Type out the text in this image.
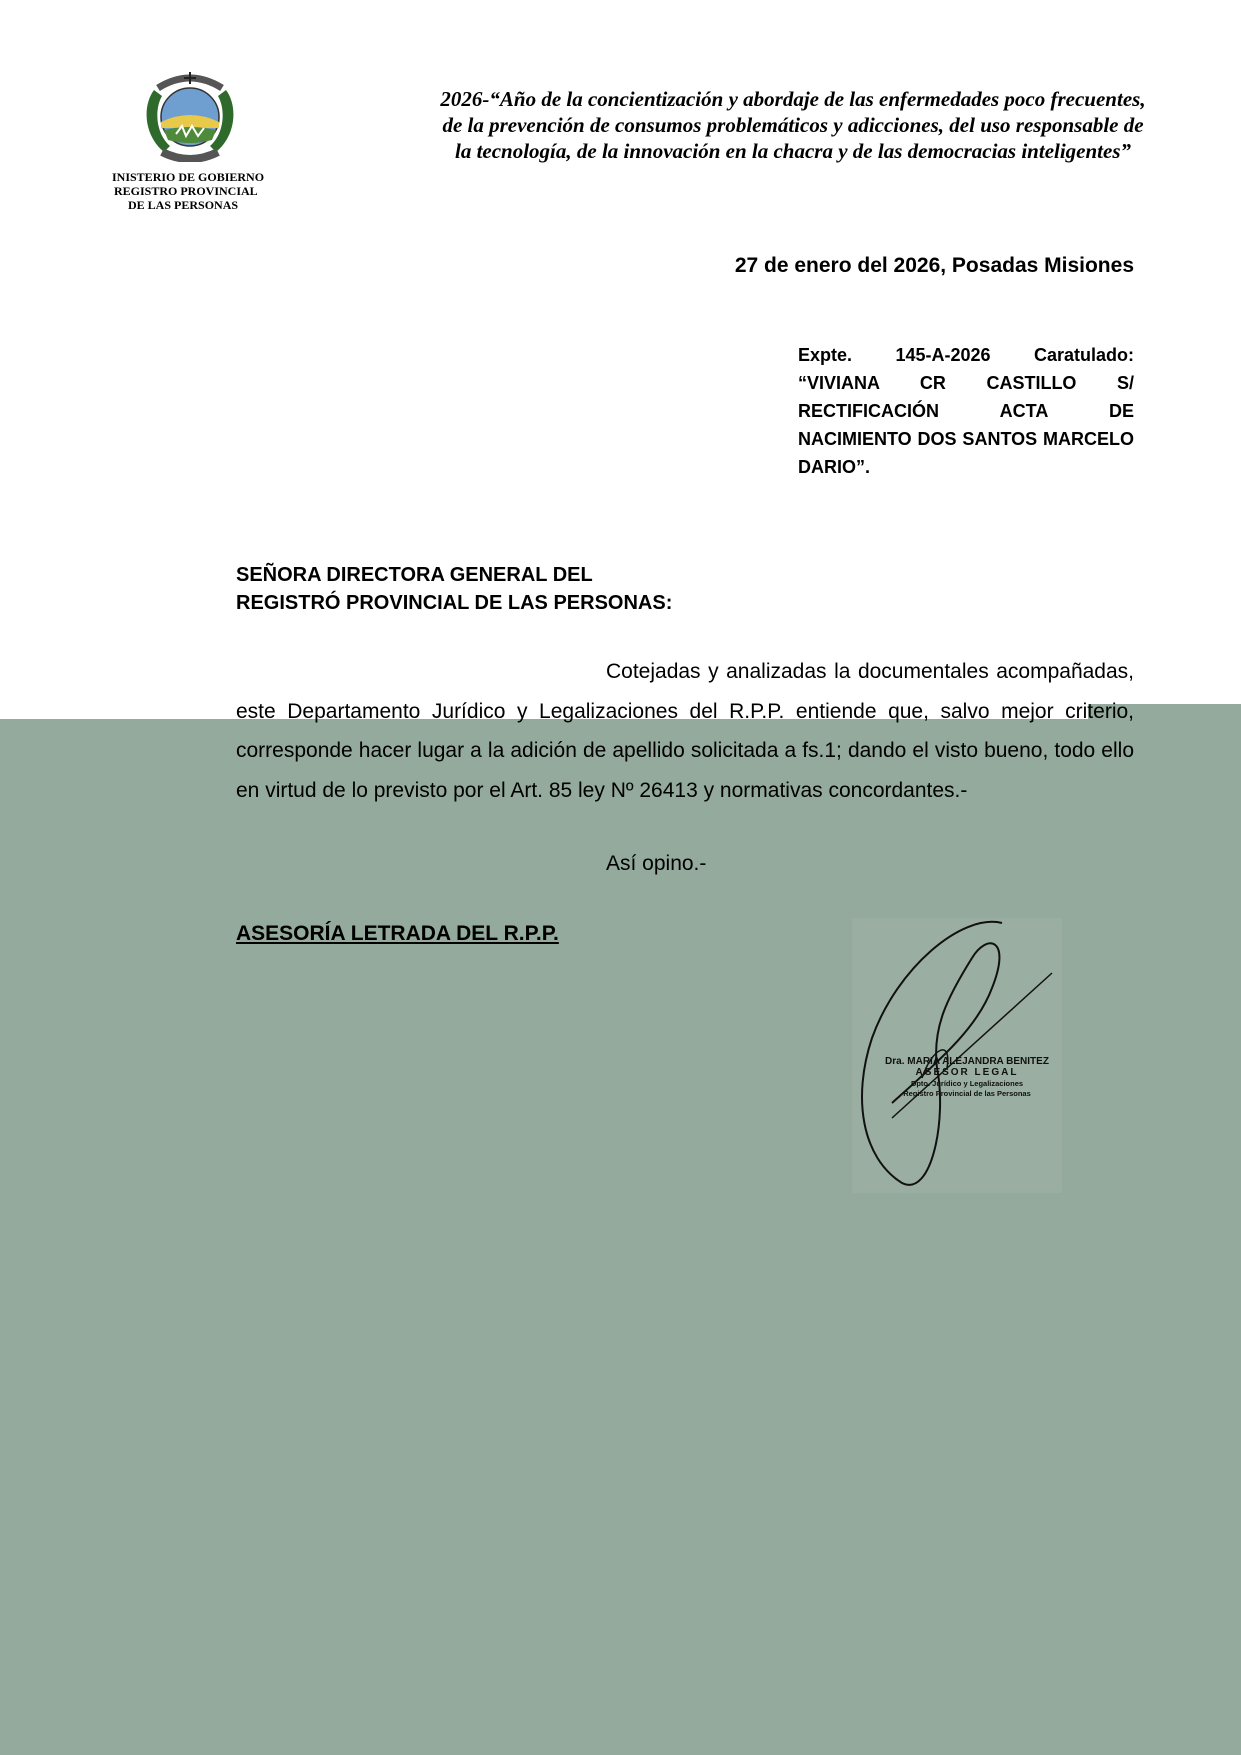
INISTERIO DE GOBIERNO
REGISTRO PROVINCIAL
DE LAS PERSONAS
2026-“Año de la concientización y abordaje de las enfermedades poco frecuentes,
de la prevención de consumos problemáticos y adicciones, del uso responsable de
la tecnología, de la innovación en la chacra y de las democracias inteligentes”
27 de enero del 2026, Posadas Misiones
Expte. 145-A-2026 Caratulado: “VIVIANA CR CASTILLO S/ RECTIFICACIÓN ACTA DE NACIMIENTO DOS SANTOS MARCELO DARIO”.
SEÑORA DIRECTORA GENERAL DEL
REGISTRÓ PROVINCIAL DE LAS PERSONAS:

Cotejadas y analizadas la documentales acompañadas, este Departamento Jurídico y Legalizaciones del R.P.P. entiende que, salvo mejor criterio, corresponde hacer lugar a la adición de apellido solicitada a fs.1; dando el visto bueno, todo ello en virtud de lo previsto por el Art. 85 ley Nº 26413 y normativas concordantes.-

Así opino.-
ASESORÍA LETRADA DEL R.P.P.
Dra. MARIA ALEJANDRA BENITEZ
ASESOR LEGAL
Dpto. Jurídico y Legalizaciones
Registro Provincial de las Personas
